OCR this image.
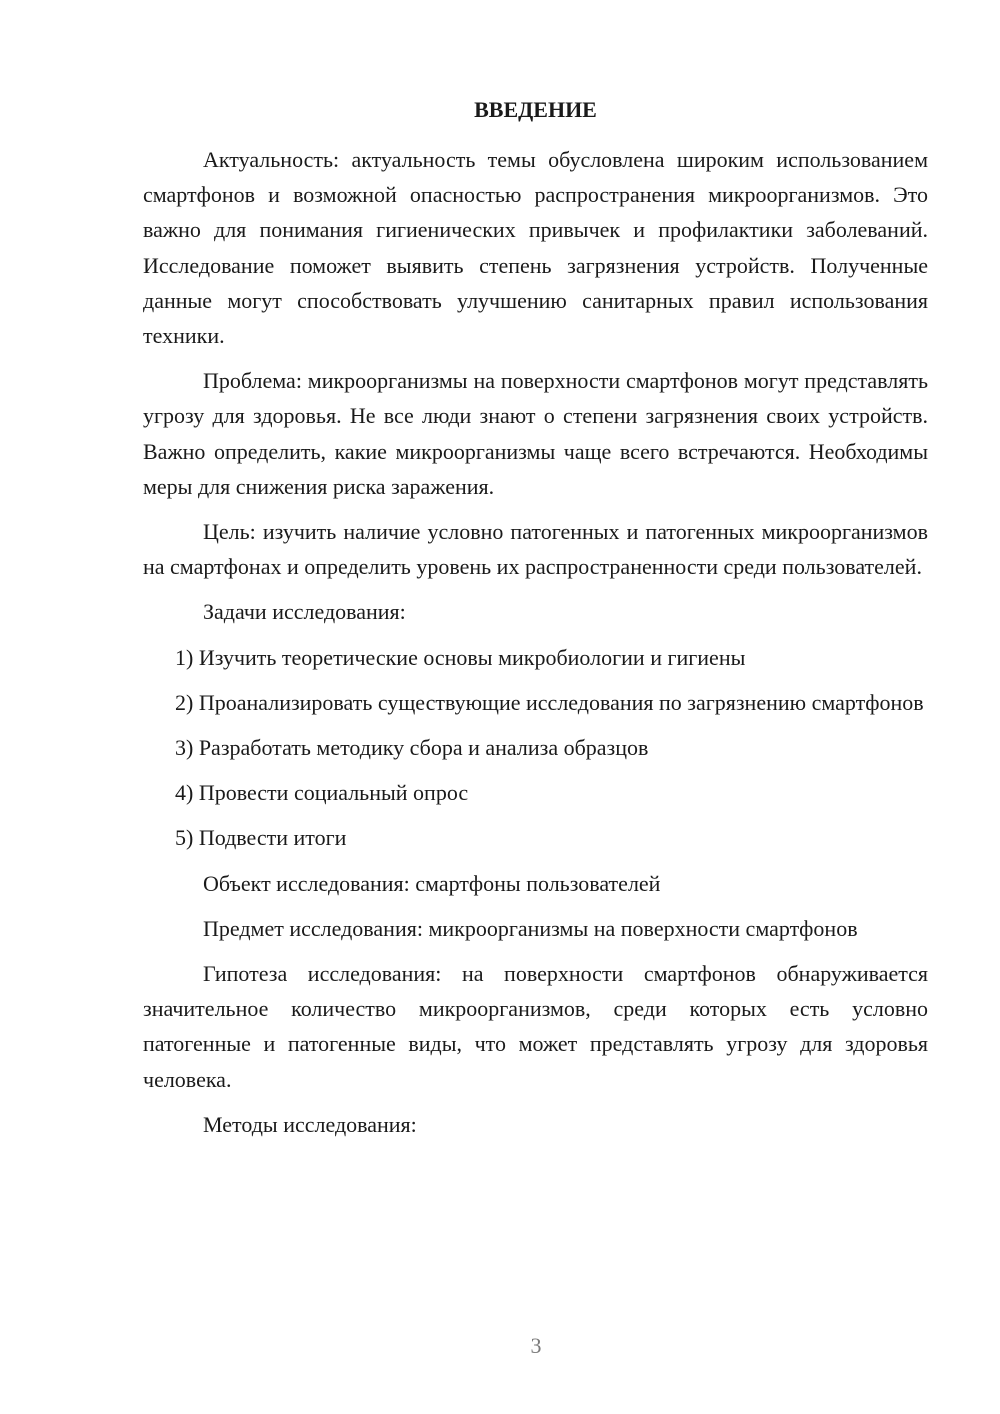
ВВЕДЕНИЕ
Актуальность: актуальность темы обусловлена широким использованием смартфонов и возможной опасностью распространения микроорганизмов. Это важно для понимания гигиенических привычек и профилактики заболеваний. Исследование поможет выявить степень загрязнения устройств. Полученные данные могут способствовать улучшению санитарных правил использования техники.
Проблема: микроорганизмы на поверхности смартфонов могут представлять угрозу для здоровья. Не все люди знают о степени загрязнения своих устройств. Важно определить, какие микроорганизмы чаще всего встречаются. Необходимы меры для снижения риска заражения.
Цель: изучить наличие условно патогенных и патогенных микроорганизмов на смартфонах и определить уровень их распространенности среди пользователей.
Задачи исследования:
1) Изучить теоретические основы микробиологии и гигиены
2) Проанализировать существующие исследования по загрязнению смартфонов
3) Разработать методику сбора и анализа образцов
4) Провести социальный опрос
5) Подвести итоги
Объект исследования: смартфоны пользователей
Предмет исследования: микроорганизмы на поверхности смартфонов
Гипотеза исследования: на поверхности смартфонов обнаруживается значительное количество микроорганизмов, среди которых есть условно патогенные и патогенные виды, что может представлять угрозу для здоровья человека.
Методы исследования:
3
